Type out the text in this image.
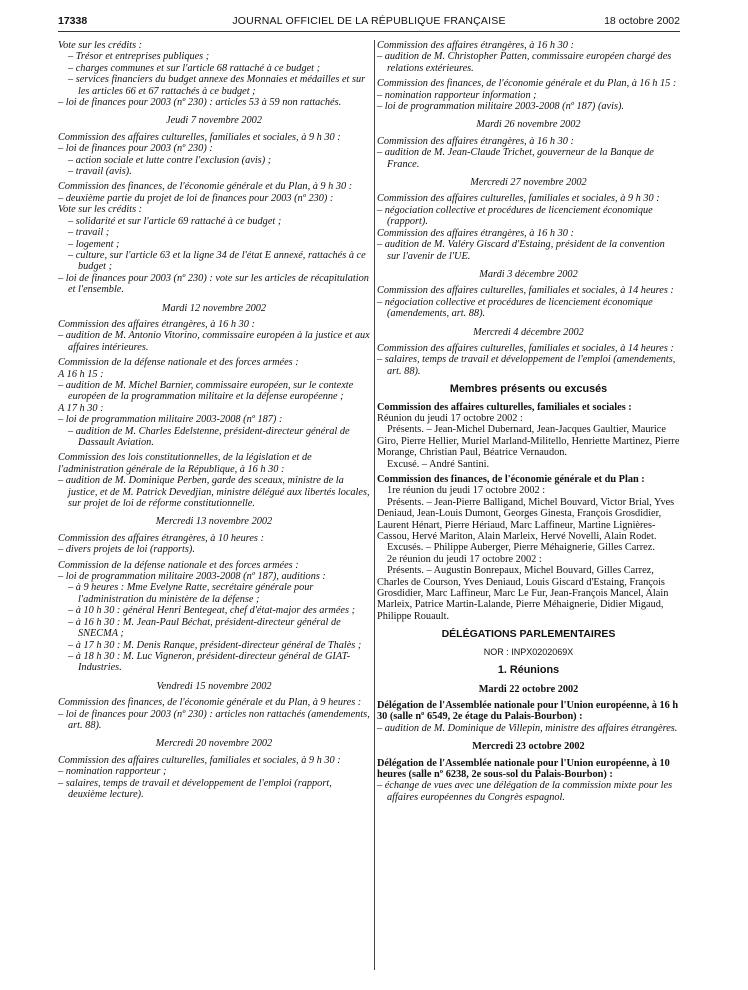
17338	JOURNAL OFFICIEL DE LA RÉPUBLIQUE FRANÇAISE	18 octobre 2002

Vote sur les crédits :

– Trésor et entreprises publiques ;

– charges communes et sur l'article 68 rattaché à ce budget ;

– services financiers du budget annexe des Monnaies et médailles et sur les articles 66 et 67 rattachés à ce budget ;

– loi de finances pour 2003 (nº 230) : articles 53 à 59 non rattachés.

Jeudi 7 novembre 2002

Commission des affaires culturelles, familiales et sociales, à 9 h 30 :

– loi de finances pour 2003 (nº 230) :

– action sociale et lutte contre l'exclusion (avis) ;

– travail (avis).

Commission des finances, de l'économie générale et du Plan, à 9 h 30 :

– deuxième partie du projet de loi de finances pour 2003 (nº 230) :

Vote sur les crédits :

– solidarité et sur l'article 69 rattaché à ce budget ;

– travail ;

– logement ;

– culture, sur l'article 63 et la ligne 34 de l'état E annexé, rattachés à ce budget ;

– loi de finances pour 2003 (nº 230) : vote sur les articles de récapitulation et l'ensemble.

Mardi 12 novembre 2002

Commission des affaires étrangères, à 16 h 30 :

– audition de M. Antonio Vitorino, commissaire européen à la justice et aux affaires intérieures.

Commission de la défense nationale et des forces armées :

A 16 h 15 :

– audition de M. Michel Barnier, commissaire européen, sur le contexte européen de la programmation militaire et la défense européenne ;

A 17 h 30 :

– loi de programmation militaire 2003-2008 (nº 187) :

– audition de M. Charles Edelstenne, président-directeur général de Dassault Aviation.

Commission des lois constitutionnelles, de la législation et de l'administration générale de la République, à 16 h 30 :

– audition de M. Dominique Perben, garde des sceaux, ministre de la justice, et de M. Patrick Devedjian, ministre délégué aux libertés locales, sur projet de loi de réforme constitutionnelle.

Mercredi 13 novembre 2002

Commission des affaires étrangères, à 10 heures :

– divers projets de loi (rapports).

Commission de la défense nationale et des forces armées :

– loi de programmation militaire 2003-2008 (nº 187), auditions :

– à 9 heures : Mme Evelyne Ratte, secrétaire générale pour l'administration du ministère de la défense ;

– à 10 h 30 : général Henri Bentegeat, chef d'état-major des armées ;

– à 16 h 30 : M. Jean-Paul Béchat, président-directeur général de SNECMA ;

– à 17 h 30 : M. Denis Ranque, président-directeur général de Thalès ;

– à 18 h 30 : M. Luc Vigneron, président-directeur général de GIAT-Industries.

Vendredi 15 novembre 2002

Commission des finances, de l'économie générale et du Plan, à 9 heures :

– loi de finances pour 2003 (nº 230) : articles non rattachés (amendements, art. 88).

Mercredi 20 novembre 2002

Commission des affaires culturelles, familiales et sociales, à 9 h 30 :

– nomination rapporteur ;

– salaires, temps de travail et développement de l'emploi (rapport, deuxième lecture).

Commission des affaires étrangères, à 16 h 30 :

– audition de M. Christopher Patten, commissaire européen chargé des relations extérieures.

Commission des finances, de l'économie générale et du Plan, à 16 h 15 :

– nomination rapporteur information ;

– loi de programmation militaire 2003-2008 (nº 187) (avis).

Mardi 26 novembre 2002

Commission des affaires étrangères, à 16 h 30 :

– audition de M. Jean-Claude Trichet, gouverneur de la Banque de France.

Mercredi 27 novembre 2002

Commission des affaires culturelles, familiales et sociales, à 9 h 30 :

– négociation collective et procédures de licenciement économique (rapport).

Commission des affaires étrangères, à 16 h 30 :

– audition de M. Valéry Giscard d'Estaing, président de la convention sur l'avenir de l'UE.

Mardi 3 décembre 2002

Commission des affaires culturelles, familiales et sociales, à 14 heures :

– négociation collective et procédures de licenciement économique (amendements, art. 88).

Mercredi 4 décembre 2002

Commission des affaires culturelles, familiales et sociales, à 14 heures :

– salaires, temps de travail et développement de l'emploi (amendements, art. 88).

Membres présents ou excusés

Commission des affaires culturelles, familiales et sociales :

Réunion du jeudi 17 octobre 2002 :

Présents. – Jean-Michel Dubernard, Jean-Jacques Gaultier, Maurice Giro, Pierre Hellier, Muriel Marland-Militello, Henriette Martinez, Pierre Morange, Christian Paul, Béatrice Vernaudon.

Excusé. – André Santini.

Commission des finances, de l'économie générale et du Plan :

1re réunion du jeudi 17 octobre 2002 :

Présents. – Jean-Pierre Balligand, Michel Bouvard, Victor Brial, Yves Deniaud, Jean-Louis Dumont, Georges Ginesta, François Grosdidier, Laurent Hénart, Pierre Hériaud, Marc Laffineur, Martine Lignières-Cassou, Hervé Mariton, Alain Marleix, Hervé Novelli, Alain Rodet.

Excusés. – Philippe Auberger, Pierre Méhaignerie, Gilles Carrez.

2e réunion du jeudi 17 octobre 2002 :

Présents. – Augustin Bonrepaux, Michel Bouvard, Gilles Carrez, Charles de Courson, Yves Deniaud, Louis Giscard d'Estaing, François Grosdidier, Marc Laffineur, Marc Le Fur, Jean-François Mancel, Alain Marleix, Patrice Martin-Lalande, Pierre Méhaignerie, Didier Migaud, Philippe Rouault.

DÉLÉGATIONS PARLEMENTAIRES

NOR : INPX0202069X

1. Réunions

Mardi 22 octobre 2002

Délégation de l'Assemblée nationale pour l'Union européenne, à 16 h 30 (salle nº 6549, 2e étage du Palais-Bourbon) :

– audition de M. Dominique de Villepin, ministre des affaires étrangères.

Mercredi 23 octobre 2002

Délégation de l'Assemblée nationale pour l'Union européenne, à 10 heures (salle nº 6238, 2e sous-sol du Palais-Bourbon) :

– échange de vues avec une délégation de la commission mixte pour les affaires européennes du Congrès espagnol.
